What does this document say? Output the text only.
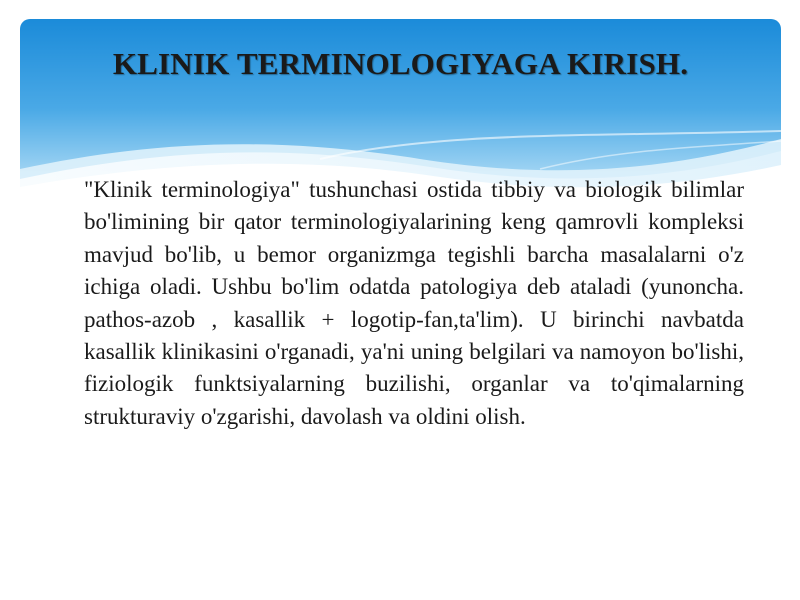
KLINIK TERMINOLOGIYAGA KIRISH.

"Klinik terminologiya" tushunchasi ostida tibbiy va biologik bilimlar bo'limining bir qator terminologiyalarining keng qamrovli kompleksi mavjud bo'lib, u bemor organizmga tegishli barcha masalalarni o'z ichiga oladi. Ushbu bo'lim odatda patologiya deb ataladi (yunoncha. pathos-azob , kasallik + logotip-fan,ta'lim). U birinchi navbatda kasallik klinikasini o'rganadi, ya'ni uning belgilari va namoyon bo'lishi, fiziologik funktsiyalarning buzilishi, organlar va to'qimalarning strukturaviy o'zgarishi, davolash va oldini olish.
